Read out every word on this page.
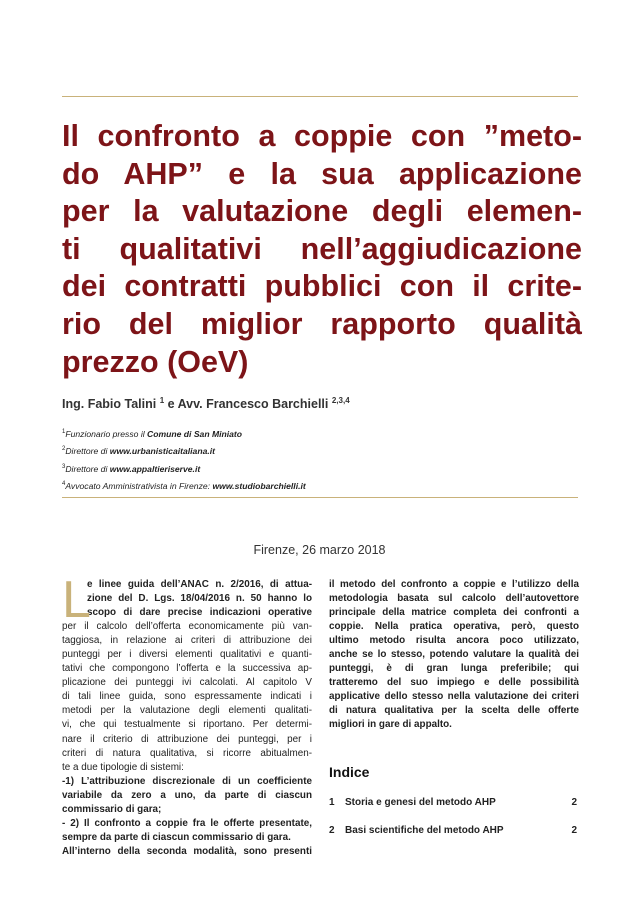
Il confronto a coppie con ”meto-
do AHP” e la sua applicazione
per la valutazione degli elemen-
ti qualitativi nell’aggiudicazione
dei contratti pubblici con il crite-
rio del miglior rapporto qualità
prezzo (OeV)
Ing. Fabio Talini $^1$ e Avv. Francesco Barchielli $^{2,3,4}$
$^1$Funzionario presso il Comune di San Miniato
$^2$Direttore di www.urbanisticaitaliana.it
$^3$Direttore di www.appaltieriserve.it
$^4$Avvocato Amministrativista in Firenze: www.studiobarchielli.it
Firenze, 26 marzo 2018
L
e linee guida dell’ANAC n. 2/2016, di attua-
zione del D. Lgs. 18/04/2016 n. 50 hanno lo
scopo di dare precise indicazioni operative
per il calcolo dell’offerta economicamente più van-
taggiosa, in relazione ai criteri di attribuzione dei
punteggi per i diversi elementi qualitativi e quanti-
tativi che compongono l’offerta e la successiva ap-
plicazione dei punteggi ivi calcolati. Al capitolo V
di tali linee guida, sono espressamente indicati i
metodi per la valutazione degli elementi qualitati-
vi, che qui testualmente si riportano. Per determi-
nare il criterio di attribuzione dei punteggi, per i
criteri di natura qualitativa, si ricorre abitualmen-
te a due tipologie di sistemi:
-1) L’attribuzione discrezionale di un coefficiente
variabile da zero a uno, da parte di ciascun
commissario di gara;
- 2) Il confronto a coppie fra le offerte presentate,
sempre da parte di ciascun commissario di gara.
All’interno della seconda modalità, sono presenti
il metodo del confronto a coppie e l’utilizzo della
metodologia basata sul calcolo dell’autovettore
principale della matrice completa dei confronti a
coppie. Nella pratica operativa, però, questo
ultimo metodo risulta ancora poco utilizzato,
anche se lo stesso, potendo valutare la qualità dei
punteggi, è di gran lunga preferibile; qui
tratteremo del suo impiego e delle possibilità
applicative dello stesso nella valutazione dei criteri
di natura qualitativa per la scelta delle offerte
migliori in gare di appalto.
Indice
1 Storia e genesi del metodo AHP	2
2 Basi scientifiche del metodo AHP	2
